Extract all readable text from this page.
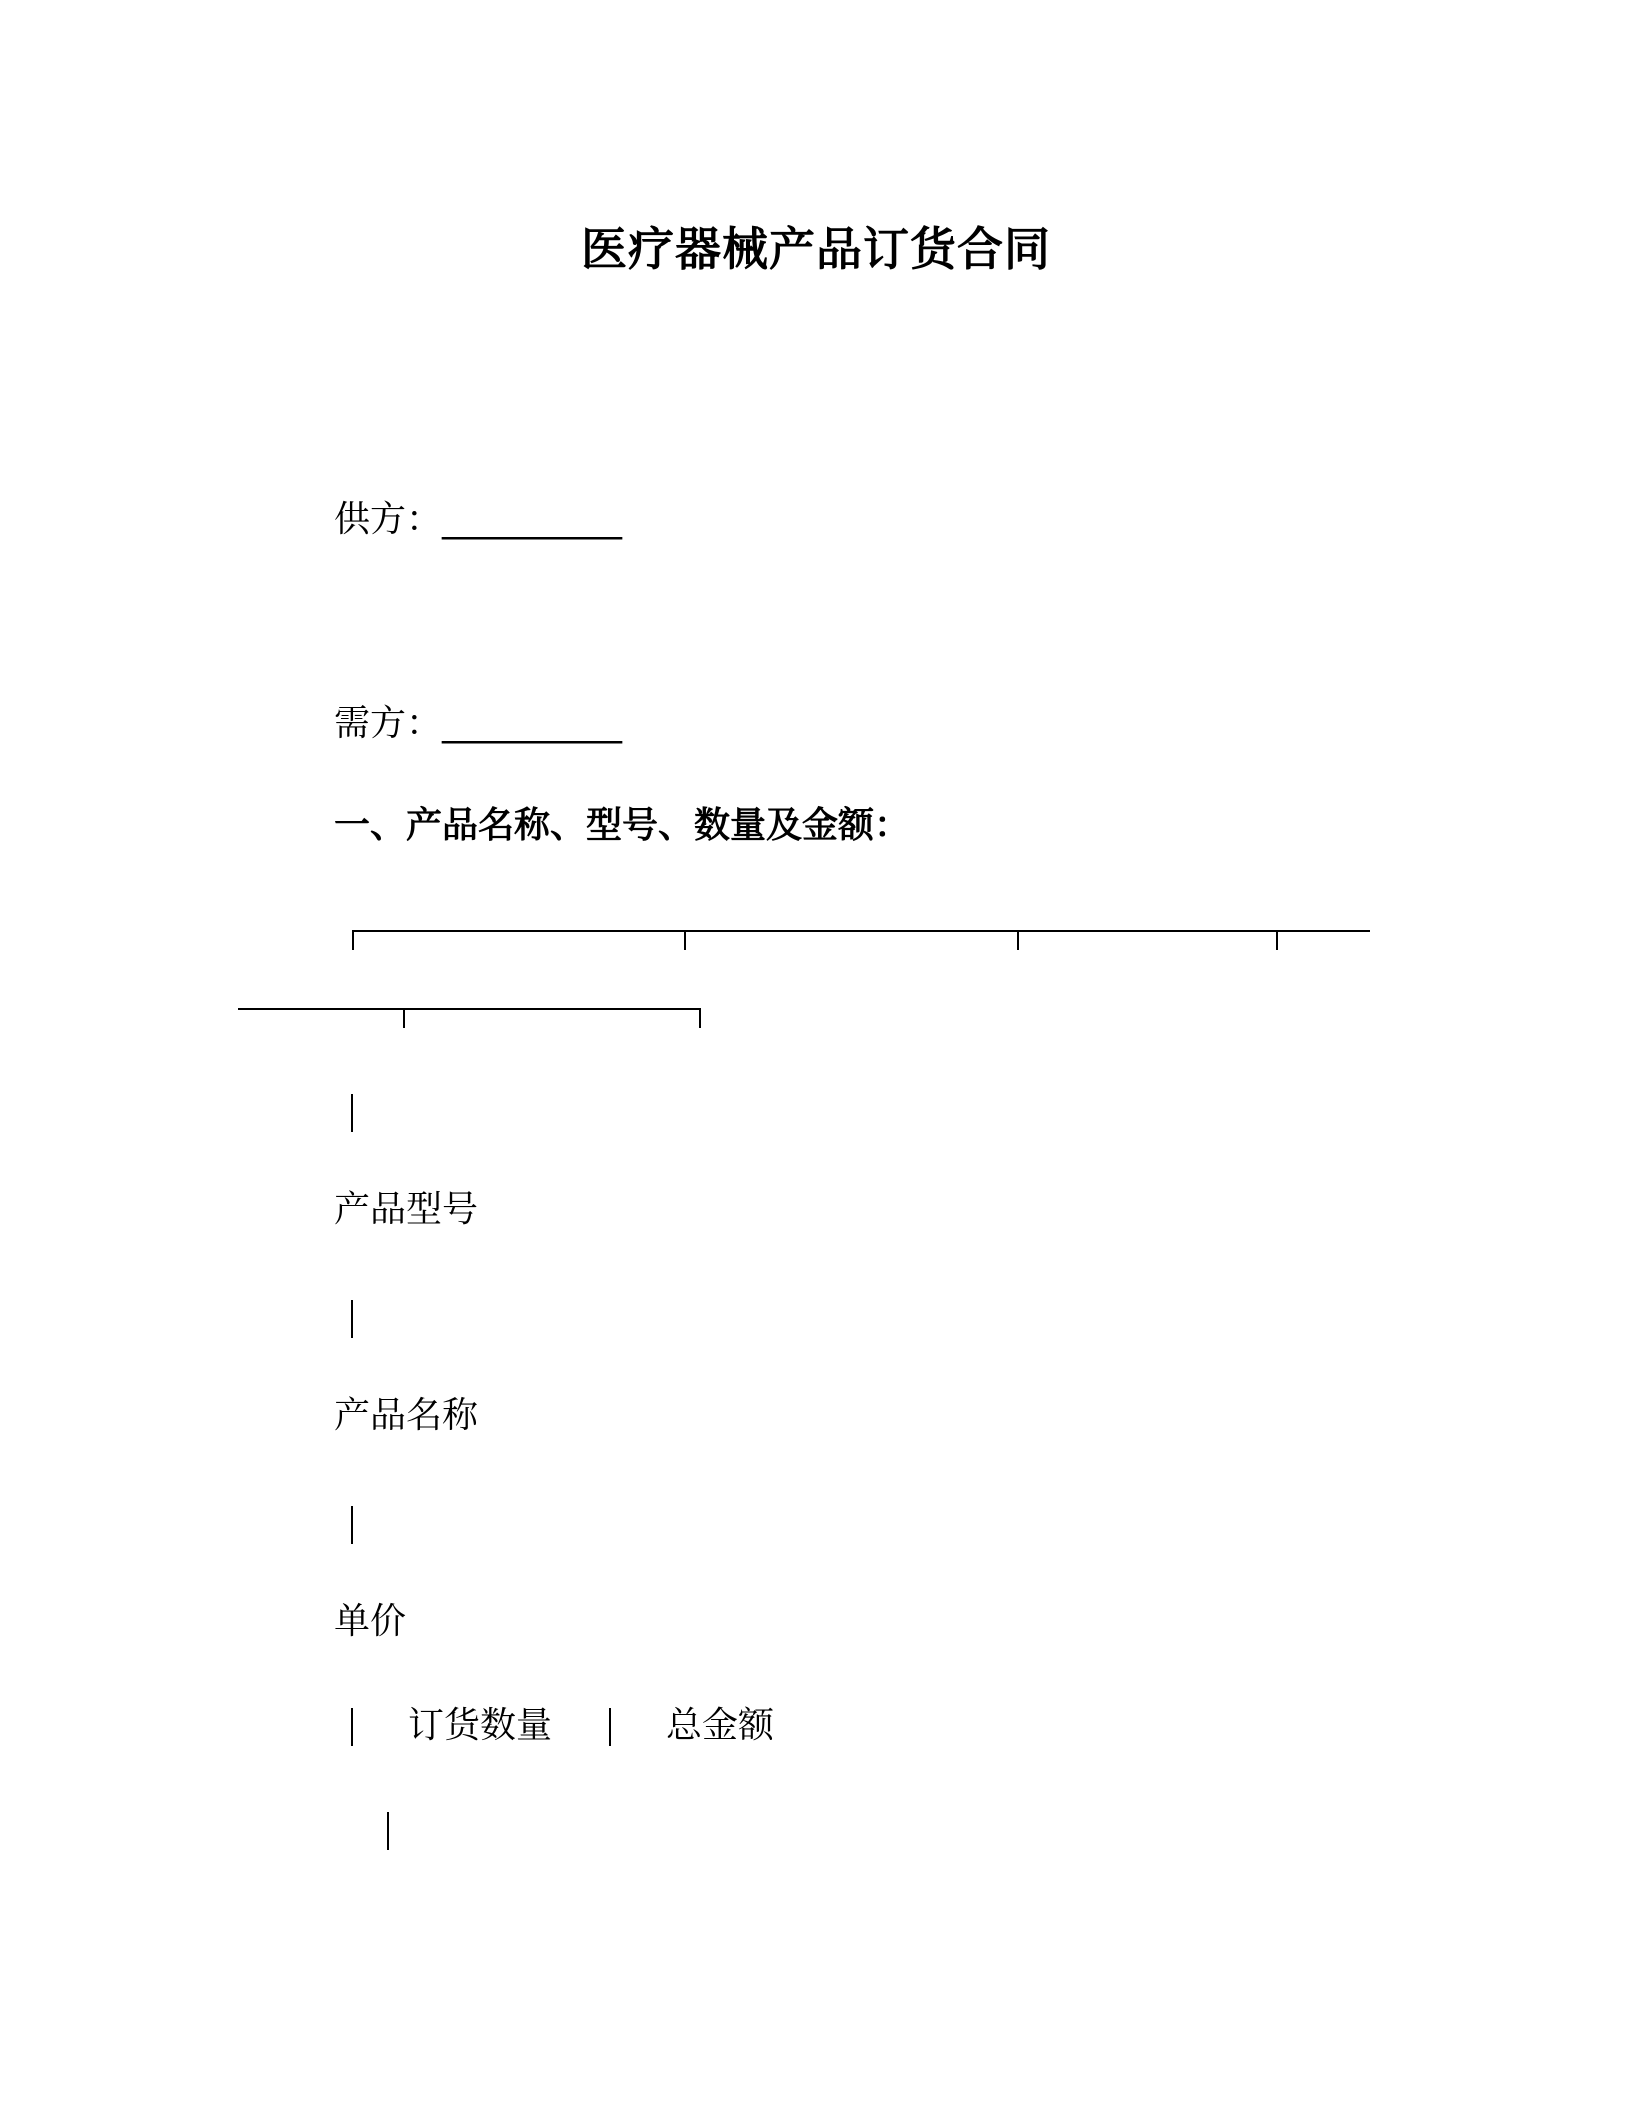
医疗器械产品订货合同
供方：__________
需方：__________
一、产品名称、型号、数量及金额：
产品型号
产品名称
单价
订货数量	总金额
